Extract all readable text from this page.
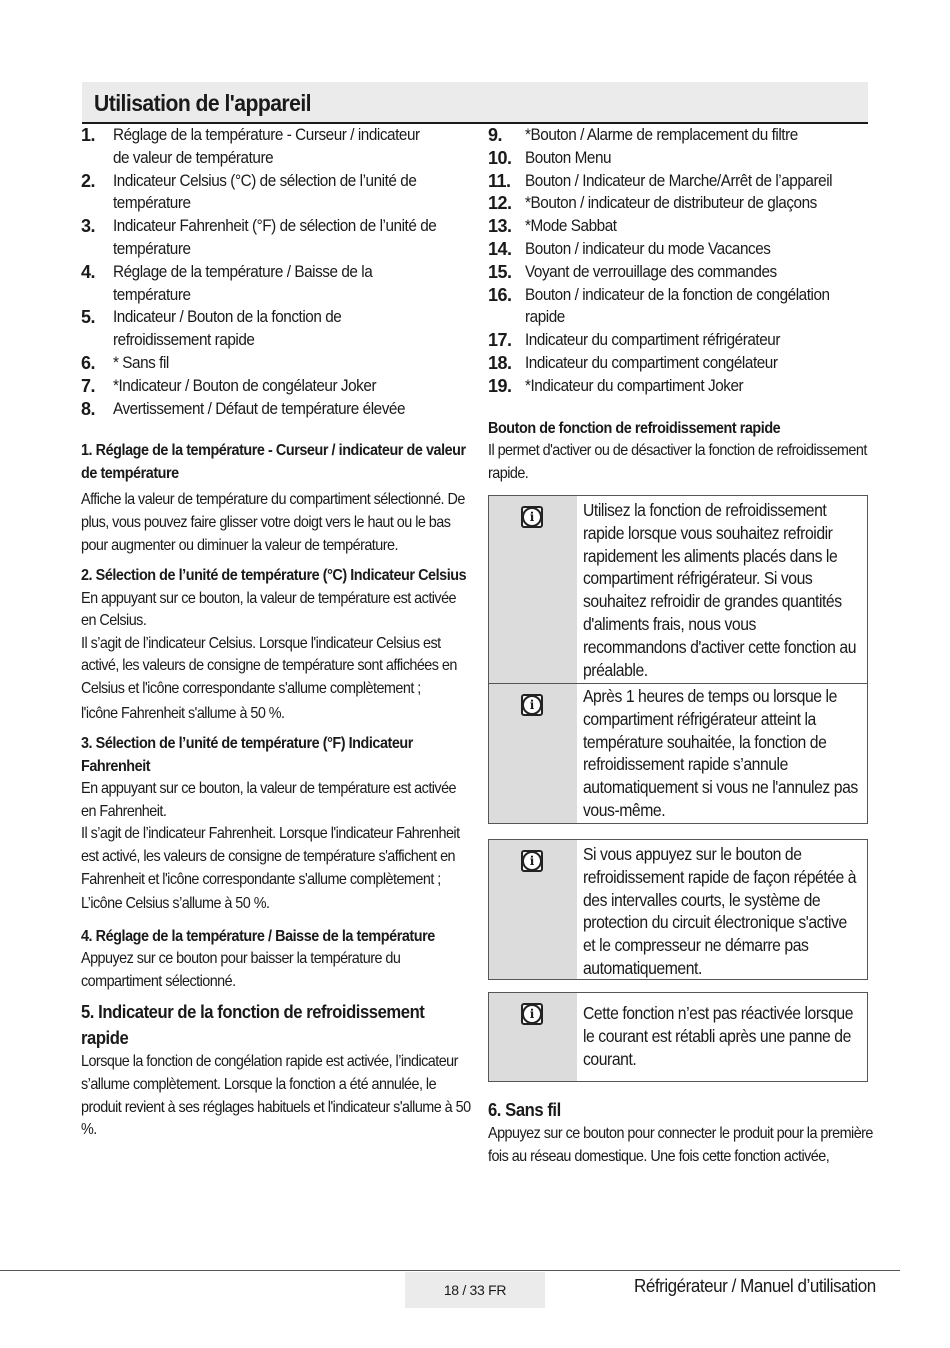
Utilisation de l'appareil
1.	Réglage de la température - Curseur / indicateur de valeur de température
2.	Indicateur Celsius (°C) de sélection de l’unité de température
3.	Indicateur Fahrenheit (°F) de sélection de l’unité de température
4.	Réglage de la température / Baisse de la température
5.	Indicateur / Bouton de la fonction de refroidissement rapide
6.	* Sans fil
7.	*Indicateur / Bouton de congélateur Joker
8.	Avertissement / Défaut de température élevée
1. Réglage de la température - Curseur / indicateur de valeur de température
Affiche la valeur de température du compartiment sélectionné. De plus, vous pouvez faire glisser votre doigt vers le haut ou le bas pour augmenter ou diminuer la valeur de température.
2. Sélection de l’unité de température (°C) Indicateur Celsius
En appuyant sur ce bouton, la valeur de température est activée en Celsius.
Il s’agit de l’indicateur Celsius. Lorsque l'indicateur Celsius est activé, les valeurs de consigne de température sont affichées en Celsius et l'icône correspondante s'allume complètement ;
l'icône Fahrenheit s'allume à 50 %.
3. Sélection de l’unité de température (°F) Indicateur Fahrenheit
En appuyant sur ce bouton, la valeur de température est activée en Fahrenheit.
Il s’agit de l’indicateur Fahrenheit. Lorsque l'indicateur Fahrenheit est activé, les valeurs de consigne de température s'affichent en Fahrenheit et l'icône correspondante s'allume complètement ;
L’icône Celsius s’allume à 50 %.
4. Réglage de la température / Baisse de la température
Appuyez sur ce bouton pour baisser la température du compartiment sélectionné.
5. Indicateur de la fonction de refroidissement rapide
Lorsque la fonction de congélation rapide est activée, l’indicateur s’allume complètement. Lorsque la fonction a été annulée, le produit revient à ses réglages habituels et l'indicateur s'allume à 50 %.
9.	*Bouton / Alarme de remplacement du filtre
10. Bouton Menu
11. Bouton / Indicateur de Marche/Arrêt de l’appareil
12. *Bouton / indicateur de distributeur de glaçons
13. *Mode Sabbat
14. Bouton / indicateur du mode Vacances
15. Voyant de verrouillage des commandes
16. Bouton / indicateur de la fonction de congélation rapide
17. Indicateur du compartiment réfrigérateur
18. Indicateur du compartiment congélateur
19. *Indicateur du compartiment Joker
Bouton de fonction de refroidissement rapide
Il permet d'activer ou de désactiver la fonction de refroidissement rapide.
i	Utilisez la fonction de refroidissement rapide lorsque vous souhaitez refroidir rapidement les aliments placés dans le compartiment réfrigérateur. Si vous souhaitez refroidir de grandes quantités d'aliments frais, nous vous recommandons d'activer cette fonction au préalable.
i	Après 1 heures de temps ou lorsque le compartiment réfrigérateur atteint la température souhaitée, la fonction de refroidissement rapide s’annule automatiquement si vous ne l'annulez pas vous-même.
i	Si vous appuyez sur le bouton de refroidissement rapide de façon répétée à des intervalles courts, le système de protection du circuit électronique s'active et le compresseur ne démarre pas automatiquement.
i	Cette fonction n’est pas réactivée lorsque le courant est rétabli après une panne de courant.
6. Sans fil
Appuyez sur ce bouton pour connecter le produit pour la première fois au réseau domestique. Une fois cette fonction activée,
18 / 33 FR	Réfrigérateur / Manuel d’utilisation
